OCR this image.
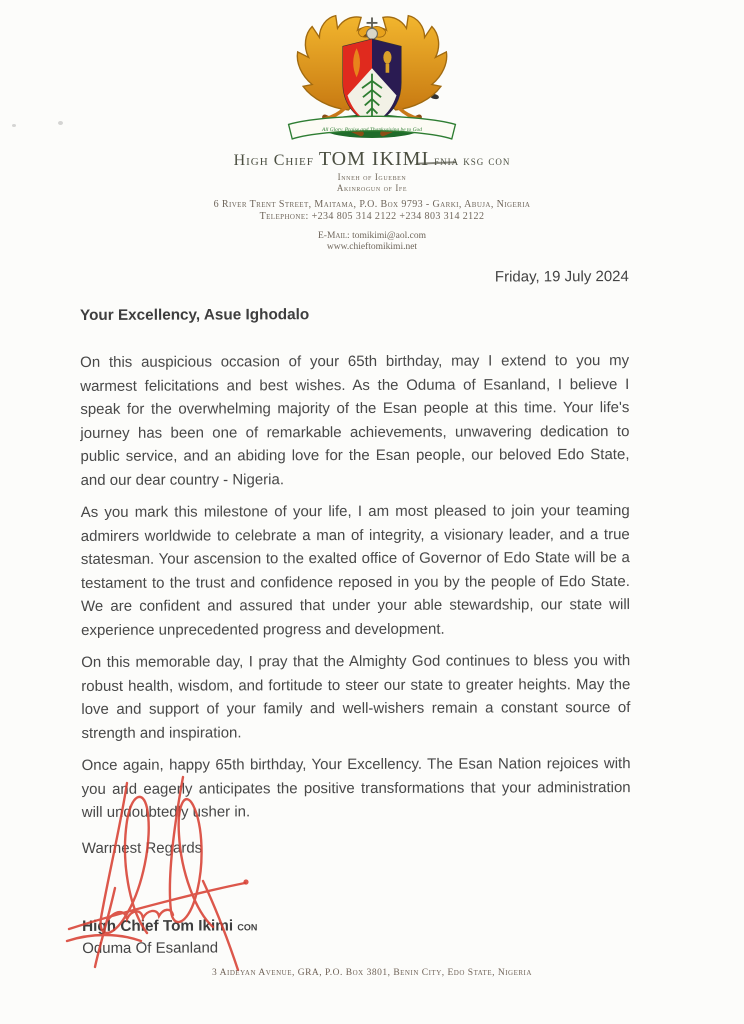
All Glory, Praise and Thanksgiving be to God
High Chief TOM IKIMI fnia ksg con
Inneh of Igueben
Akinrogun of Ife
6 River Trent Street, Maitama, P.O. Box 9793 - Garki, Abuja, Nigeria
Telephone: +234 805 314 2122 +234 803 314 2122
E-Mail: tomikimi@aol.com
www.chieftomikimi.net
Friday, 19 July 2024
Your Excellency, Asue Ighodalo

On this auspicious occasion of your 65th birthday, may I extend to you my warmest felicitations and best wishes. As the Oduma of Esanland, I believe I speak for the overwhelming majority of the Esan people at this time. Your life's journey has been one of remarkable achievements, unwavering dedication to public service, and an abiding love for the Esan people, our beloved Edo State, and our dear country - Nigeria.

As you mark this milestone of your life, I am most pleased to join your teaming admirers worldwide to celebrate a man of integrity, a visionary leader, and a true statesman. Your ascension to the exalted office of Governor of Edo State will be a testament to the trust and confidence reposed in you by the people of Edo State. We are confident and assured that under your able stewardship, our state will experience unprecedented progress and development.

On this memorable day, I pray that the Almighty God continues to bless you with robust health, wisdom, and fortitude to steer our state to greater heights. May the love and support of your family and well-wishers remain a constant source of strength and inspiration.

Once again, happy 65th birthday, Your Excellency. The Esan Nation rejoices with you and eagerly anticipates the positive transformations that your administration will undoubtedly usher in.

Warmest Regards
High Chief Tom Ikimi con
Oduma Of Esanland
3 Aideyan Avenue, GRA, P.O. Box 3801, Benin City, Edo State, Nigeria
